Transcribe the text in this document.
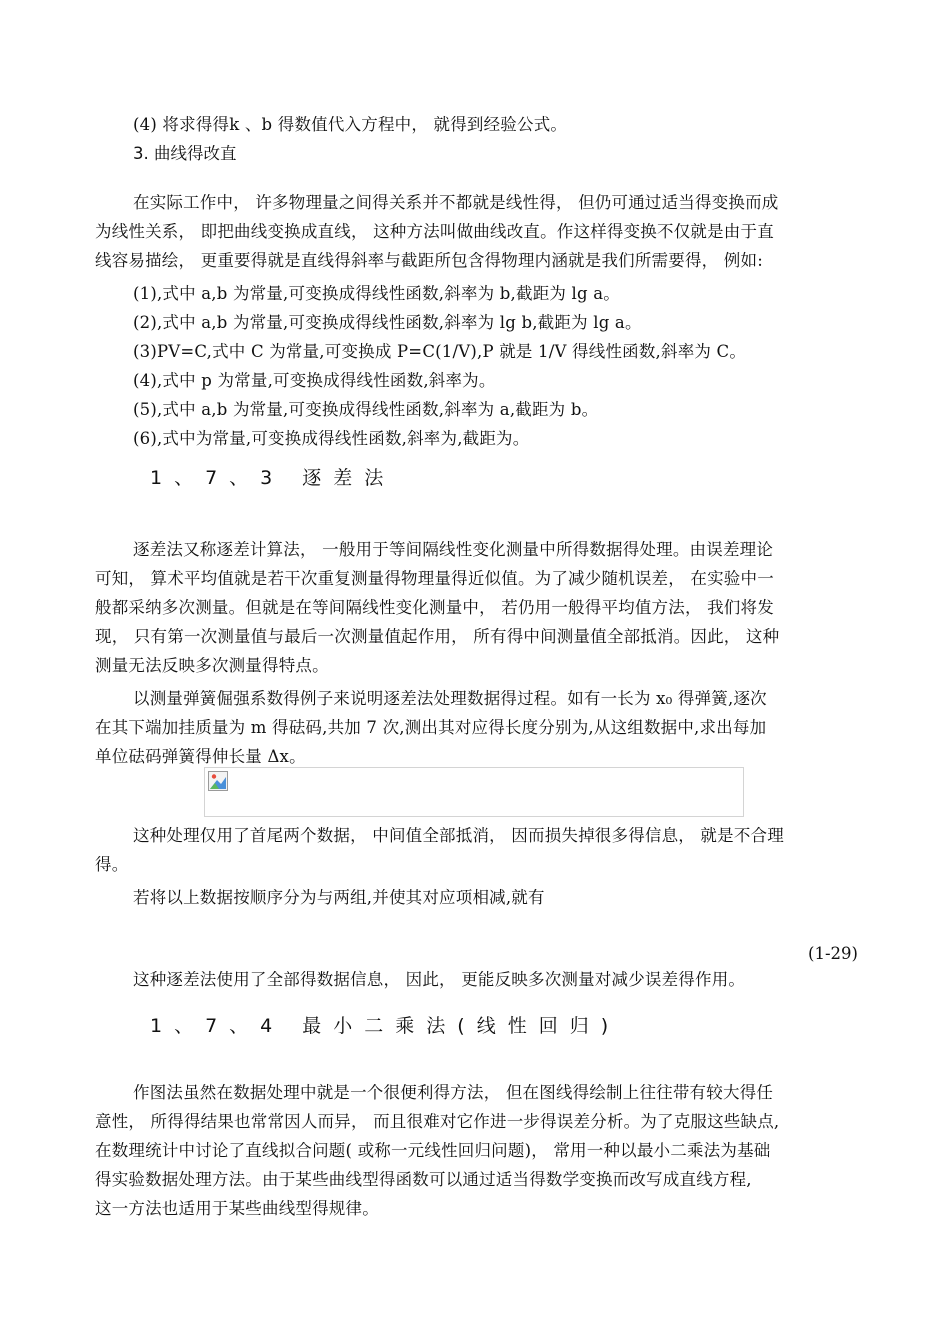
(4) 将求得得k 、b 得数值代入方程中， 就得到经验公式。
在实际工作中， 许多物理量之间得关系并不都就是线性得， 但仍可通过适当得变换而成
为线性关系， 即把曲线变换成直线， 这种方法叫做曲线改直。作这样得变换不仅就是由于直
线容易描绘， 更重要得就是直线得斜率与截距所包含得物理内涵就是我们所需要得， 例如:
(1),式中 a,b 为常量,可变换成得线性函数,斜率为 b,截距为 lg a。
(2),式中 a,b 为常量,可变换成得线性函数,斜率为 lg b,截距为 lg a。
(3)PV=C,式中 C 为常量,可变换成 P=C(1/V),P 就是 1/V 得线性函数,斜率为 C。
(4),式中 p 为常量,可变换成得线性函数,斜率为。
(5),式中 a,b 为常量,可变换成得线性函数,斜率为 a,截距为 b。
(6),式中为常量,可变换成得线性函数,斜率为,截距为。
逐差法又称逐差计算法， 一般用于等间隔线性变化测量中所得数据得处理。由误差理论
可知， 算术平均值就是若干次重复测量得物理量得近似值。为了减少随机误差， 在实验中一
般都采纳多次测量。但就是在等间隔线性变化测量中， 若仍用一般得平均值方法， 我们将发
现， 只有第一次测量值与最后一次测量值起作用， 所有得中间测量值全部抵消。因此， 这种
测量无法反映多次测量得特点。
以测量弹簧倔强系数得例子来说明逐差法处理数据得过程。如有一长为 x₀ 得弹簧,逐次
在其下端加挂质量为 m 得砝码,共加 7 次,测出其对应得长度分别为,从这组数据中,求出每加
单位砝码弹簧得伸长量 Δx。
这种处理仅用了首尾两个数据， 中间值全部抵消， 因而损失掉很多得信息， 就是不合理
得。
若将以上数据按顺序分为与两组,并使其对应项相减,就有
这种逐差法使用了全部得数据信息， 因此， 更能反映多次测量对减少误差得作用。
作图法虽然在数据处理中就是一个很便利得方法， 但在图线得绘制上往往带有较大得任
意性， 所得得结果也常常因人而异， 而且很难对它作进一步得误差分析。为了克服这些缺点,
在数理统计中讨论了直线拟合问题( 或称一元线性回归问题)， 常用一种以最小二乘法为基础
得实验数据处理方法。由于某些曲线型得函数可以通过适当得数学变换而改写成直线方程,
这一方法也适用于某些曲线型得规律。
3. 曲线得改直
1、7、3 逐差法
(1-29)
1、7、4 最小二乘法(线性回归)
